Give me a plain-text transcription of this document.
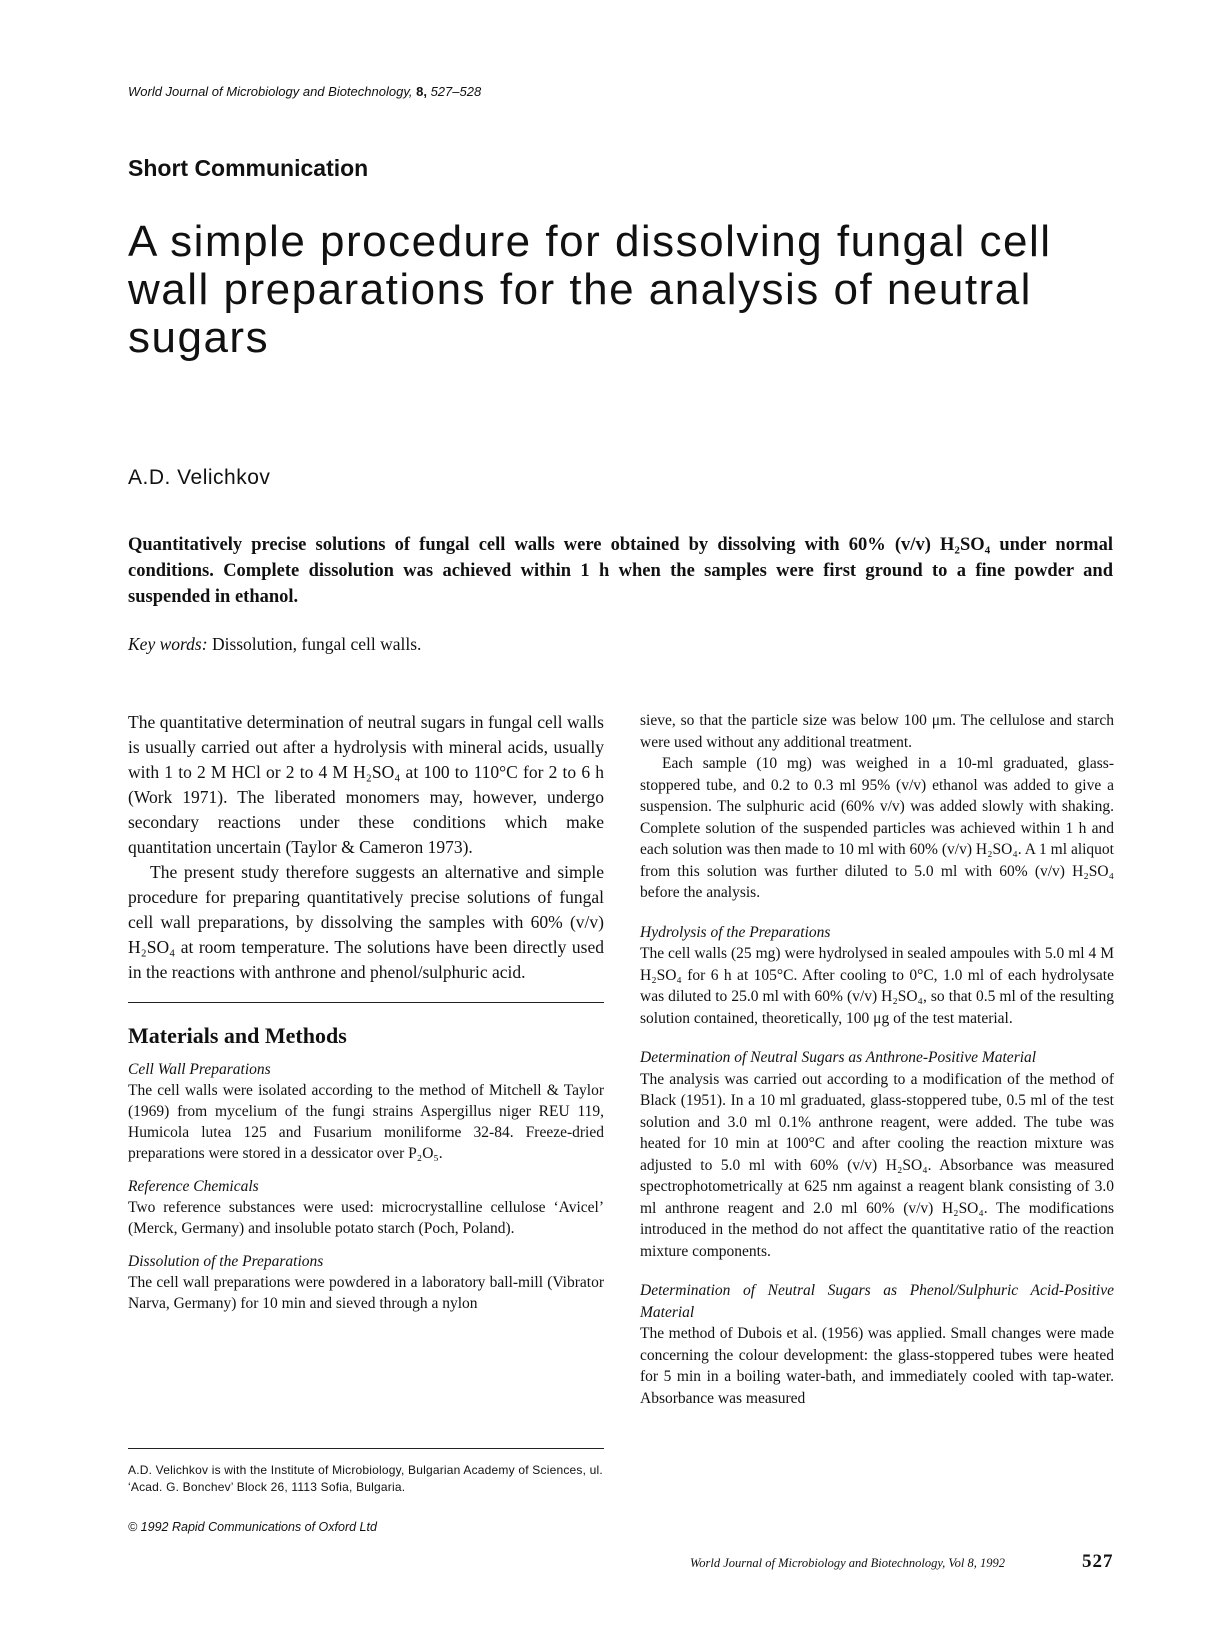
World Journal of Microbiology and Biotechnology, 8, 527–528
Short Communication
A simple procedure for dissolving fungal cell wall preparations for the analysis of neutral sugars
A.D. Velichkov
Quantitatively precise solutions of fungal cell walls were obtained by dissolving with 60% (v/v) H₂SO₄ under normal conditions. Complete dissolution was achieved within 1 h when the samples were first ground to a fine powder and suspended in ethanol.
Key words: Dissolution, fungal cell walls.

The quantitative determination of neutral sugars in fungal cell walls is usually carried out after a hydrolysis with mineral acids, usually with 1 to 2 M HCl or 2 to 4 M H₂SO₄ at 100 to 110°C for 2 to 6 h (Work 1971). The liberated monomers may, however, undergo secondary reactions under these conditions which make quantitation uncertain (Taylor & Cameron 1973).

The present study therefore suggests an alternative and simple procedure for preparing quantitatively precise solutions of fungal cell wall preparations, by dissolving the samples with 60% (v/v) H₂SO₄ at room temperature. The solutions have been directly used in the reactions with anthrone and phenol/sulphuric acid.

Materials and Methods

Cell Wall Preparations

The cell walls were isolated according to the method of Mitchell & Taylor (1969) from mycelium of the fungi strains Aspergillus niger REU 119, Humicola lutea 125 and Fusarium moniliforme 32-84. Freeze-dried preparations were stored in a dessicator over P₂O₅.

Reference Chemicals

Two reference substances were used: microcrystalline cellulose ‘Avicel’ (Merck, Germany) and insoluble potato starch (Poch, Poland).

Dissolution of the Preparations

The cell wall preparations were powdered in a laboratory ball-mill (Vibrator Narva, Germany) for 10 min and sieved through a nylon

sieve, so that the particle size was below 100 μm. The cellulose and starch were used without any additional treatment.

Each sample (10 mg) was weighed in a 10-ml graduated, glass-stoppered tube, and 0.2 to 0.3 ml 95% (v/v) ethanol was added to give a suspension. The sulphuric acid (60% v/v) was added slowly with shaking. Complete solution of the suspended particles was achieved within 1 h and each solution was then made to 10 ml with 60% (v/v) H₂SO₄. A 1 ml aliquot from this solution was further diluted to 5.0 ml with 60% (v/v) H₂SO₄ before the analysis.

Hydrolysis of the Preparations

The cell walls (25 mg) were hydrolysed in sealed ampoules with 5.0 ml 4 M H₂SO₄ for 6 h at 105°C. After cooling to 0°C, 1.0 ml of each hydrolysate was diluted to 25.0 ml with 60% (v/v) H₂SO₄, so that 0.5 ml of the resulting solution contained, theoretically, 100 μg of the test material.

Determination of Neutral Sugars as Anthrone-Positive Material

The analysis was carried out according to a modification of the method of Black (1951). In a 10 ml graduated, glass-stoppered tube, 0.5 ml of the test solution and 3.0 ml 0.1% anthrone reagent, were added. The tube was heated for 10 min at 100°C and after cooling the reaction mixture was adjusted to 5.0 ml with 60% (v/v) H₂SO₄. Absorbance was measured spectrophotometrically at 625 nm against a reagent blank consisting of 3.0 ml anthrone reagent and 2.0 ml 60% (v/v) H₂SO₄. The modifications introduced in the method do not affect the quantitative ratio of the reaction mixture components.

Determination of Neutral Sugars as Phenol/Sulphuric Acid-Positive Material

The method of Dubois et al. (1956) was applied. Small changes were made concerning the colour development: the glass-stoppered tubes were heated for 5 min in a boiling water-bath, and immediately cooled with tap-water. Absorbance was measured

A.D. Velichkov is with the Institute of Microbiology, Bulgarian Academy of Sciences, ul. ‘Acad. G. Bonchev’ Block 26, 1113 Sofia, Bulgaria.
© 1992 Rapid Communications of Oxford Ltd
World Journal of Microbiology and Biotechnology, Vol 8, 1992	527
